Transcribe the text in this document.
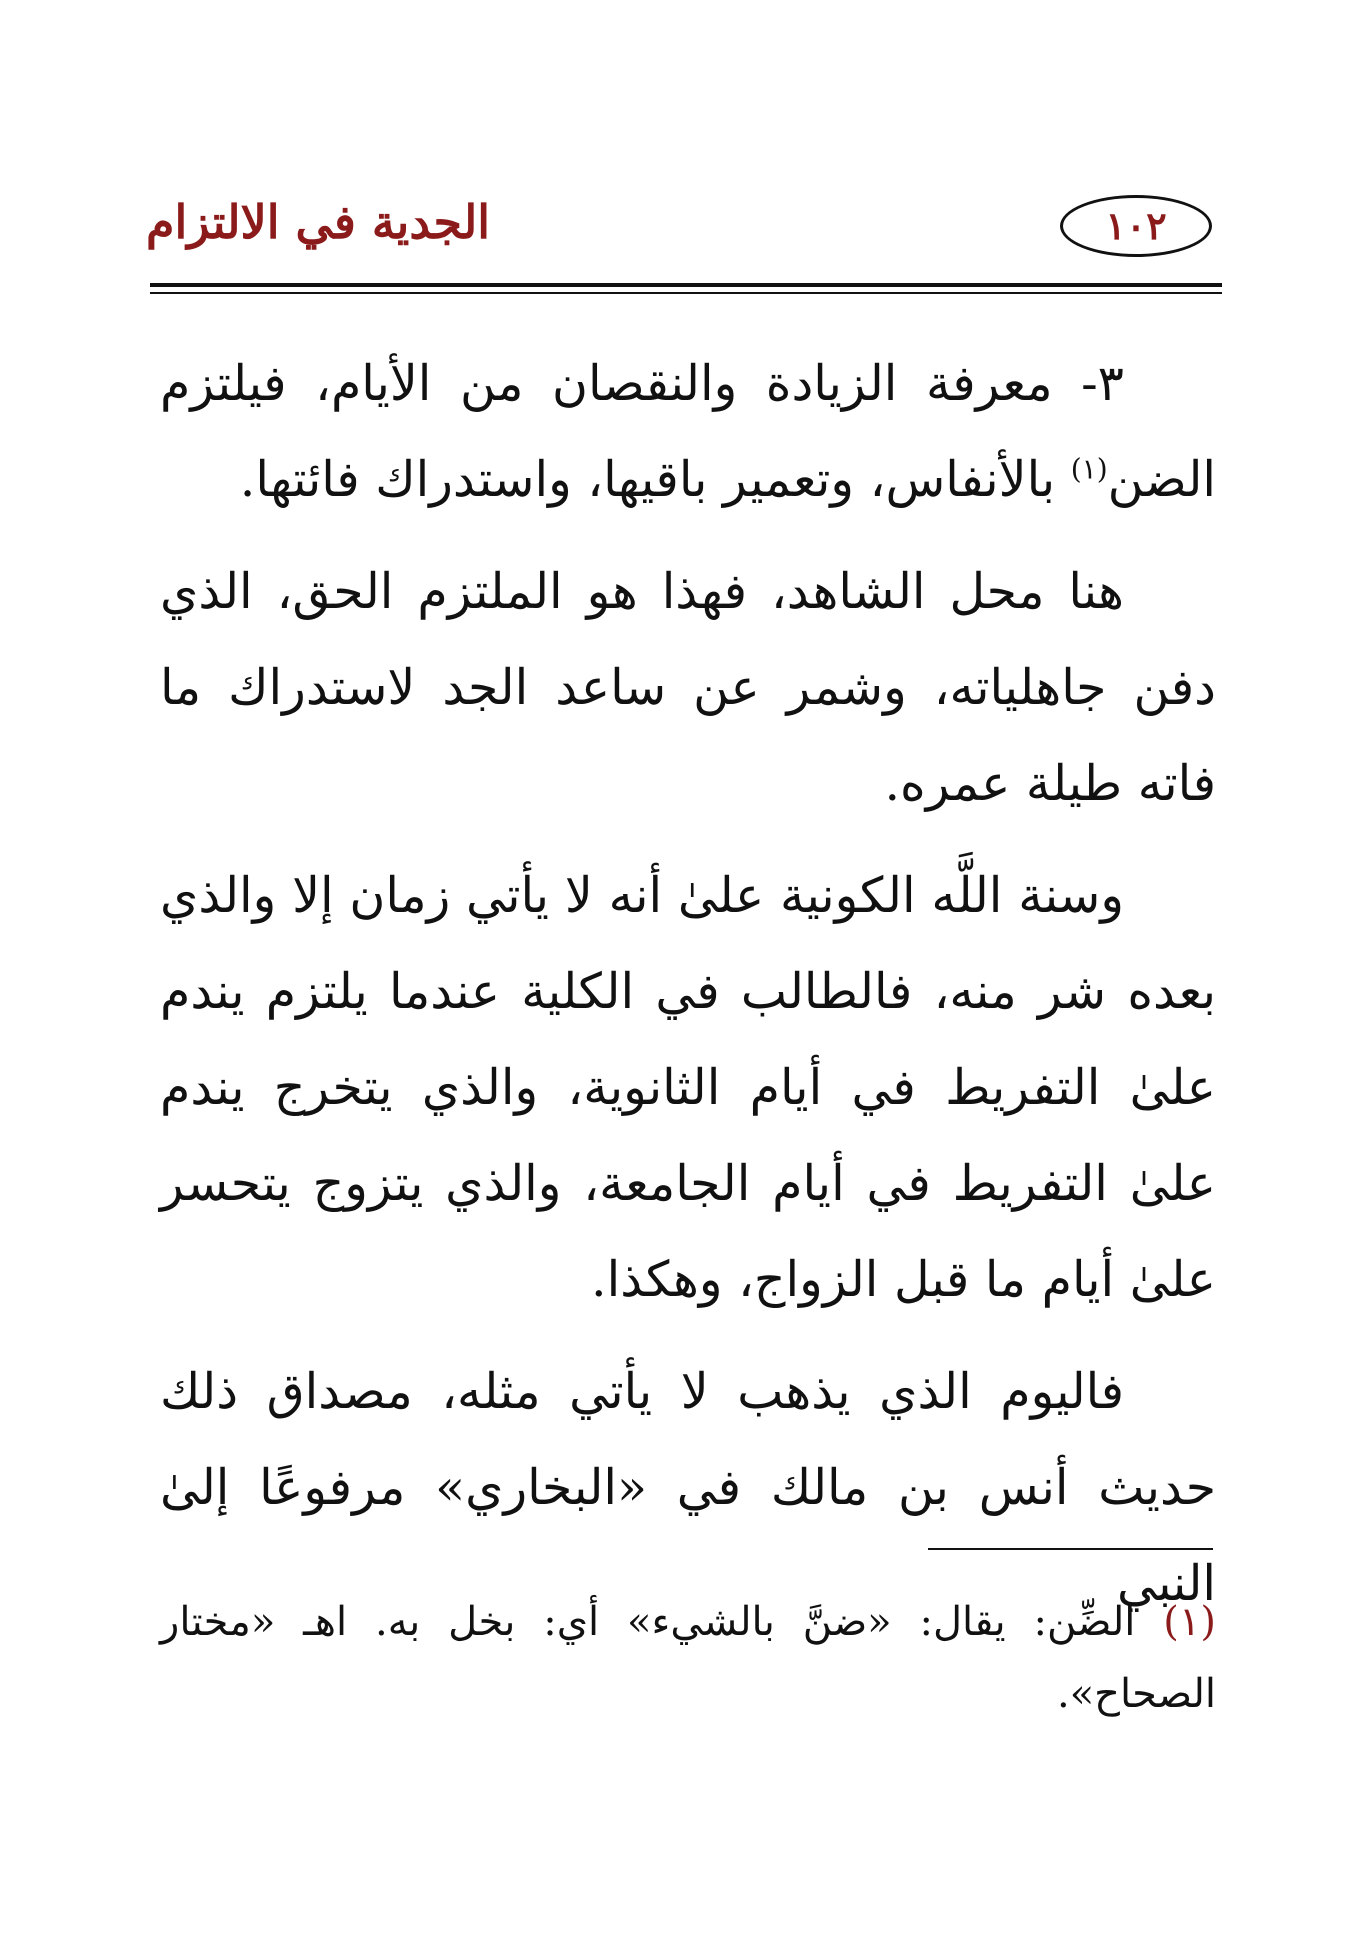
الجدية في الالتزام	١٠٢

٣- معرفة الزيادة والنقصان من الأيام، فيلتزم الضن$^{(١)}$ بالأنفاس، وتعمير باقيها، واستدراك فائتها.

هنا محل الشاهد، فهذا هو الملتزم الحق، الذي دفن جاهلياته، وشمر عن ساعد الجد لاستدراك ما فاته طيلة عمره.

وسنة اللَّه الكونية علىٰ أنه لا يأتي زمان إلا والذي بعده شر منه، فالطالب في الكلية عندما يلتزم يندم علىٰ التفريط في أيام الثانوية، والذي يتخرج يندم علىٰ التفريط في أيام الجامعة، والذي يتزوج يتحسر علىٰ أيام ما قبل الزواج، وهكذا.

فاليوم الذي يذهب لا يأتي مثله، مصداق ذلك حديث أنس بن مالك في «البخاري» مرفوعًا إلىٰ النبي

(١) الضِّن: يقال: «ضنَّ بالشيء» أي: بخل به. اهـ «مختار الصحاح».
